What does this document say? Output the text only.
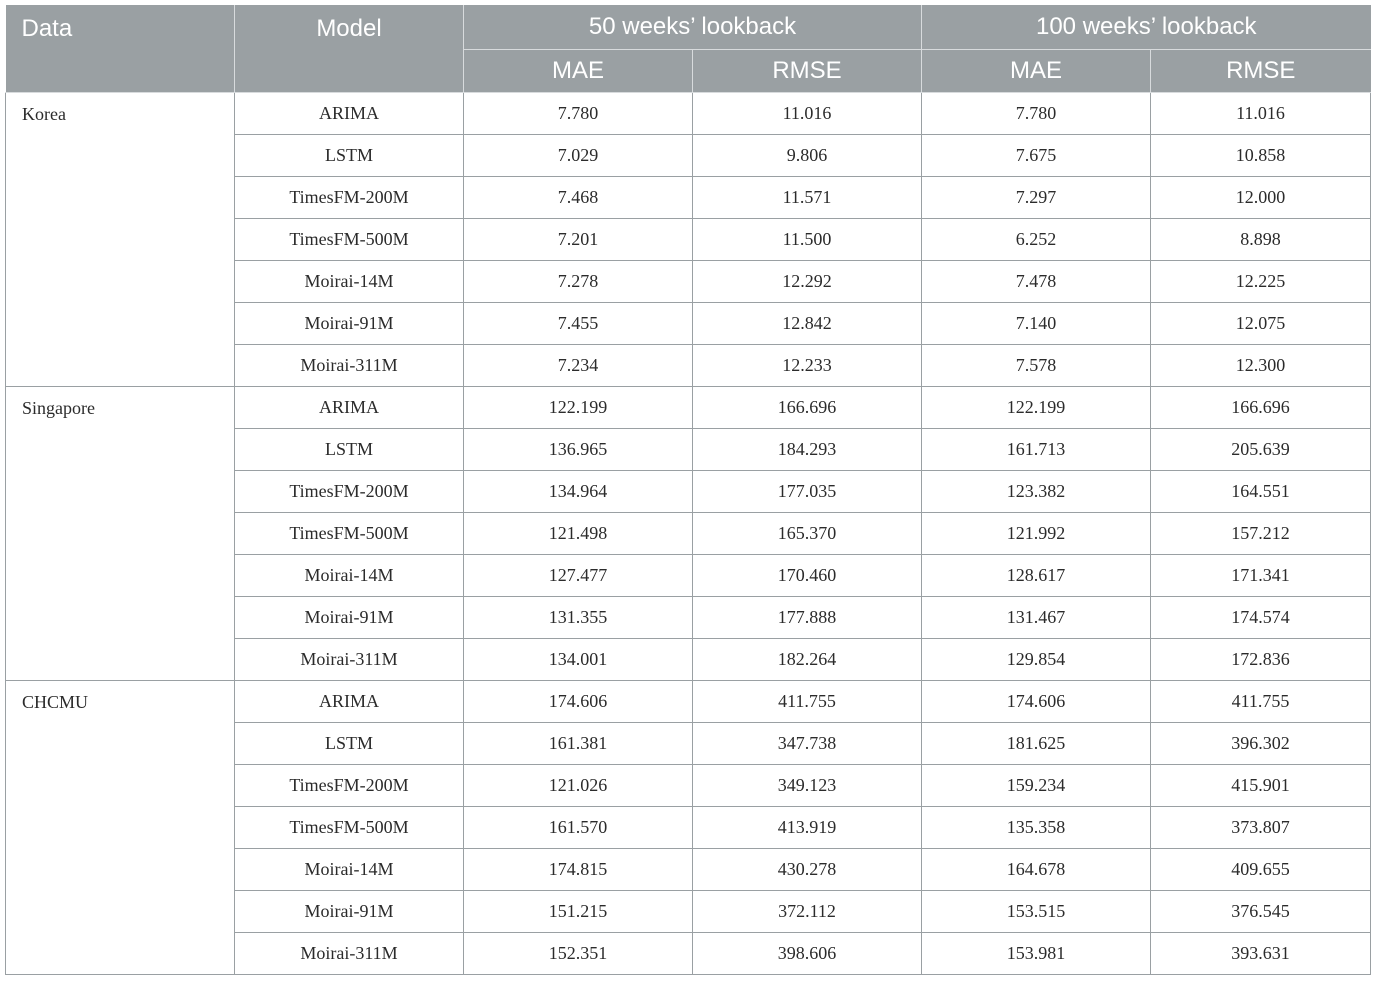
Data	Model	50 weeks’ lookback		100 weeks’ lookback	
		MAE	RMSE	MAE	RMSE
Korea	ARIMA	7.780	11.016	7.780	11.016
	LSTM	7.029	9.806	7.675	10.858
	TimesFM-200M	7.468	11.571	7.297	12.000
	TimesFM-500M	7.201	11.500	6.252	8.898
	Moirai-14M	7.278	12.292	7.478	12.225
	Moirai-91M	7.455	12.842	7.140	12.075
	Moirai-311M	7.234	12.233	7.578	12.300
Singapore	ARIMA	122.199	166.696	122.199	166.696
	LSTM	136.965	184.293	161.713	205.639
	TimesFM-200M	134.964	177.035	123.382	164.551
	TimesFM-500M	121.498	165.370	121.992	157.212
	Moirai-14M	127.477	170.460	128.617	171.341
	Moirai-91M	131.355	177.888	131.467	174.574
	Moirai-311M	134.001	182.264	129.854	172.836
CHCMU	ARIMA	174.606	411.755	174.606	411.755
	LSTM	161.381	347.738	181.625	396.302
	TimesFM-200M	121.026	349.123	159.234	415.901
	TimesFM-500M	161.570	413.919	135.358	373.807
	Moirai-14M	174.815	430.278	164.678	409.655
	Moirai-91M	151.215	372.112	153.515	376.545
	Moirai-311M	152.351	398.606	153.981	393.631
